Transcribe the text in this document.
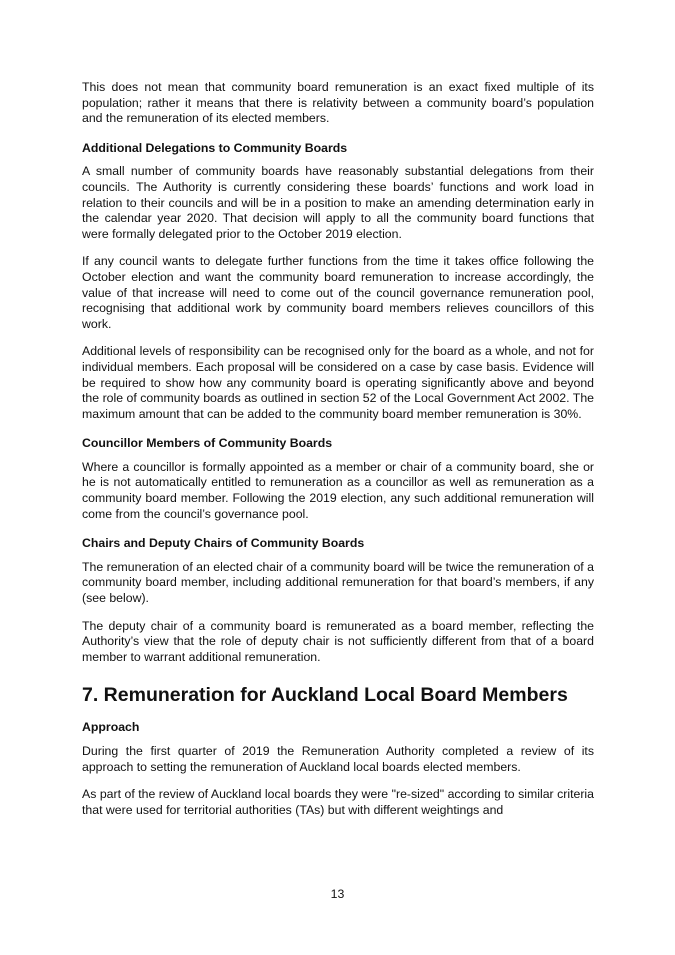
This does not mean that community board remuneration is an exact fixed multiple of its population; rather it means that there is relativity between a community board’s population and the remuneration of its elected members.

Additional Delegations to Community Boards

A small number of community boards have reasonably substantial delegations from their councils. The Authority is currently considering these boards’ functions and work load in relation to their councils and will be in a position to make an amending determination early in the calendar year 2020. That decision will apply to all the community board functions that were formally delegated prior to the October 2019 election.

If any council wants to delegate further functions from the time it takes office following the October election and want the community board remuneration to increase accordingly, the value of that increase will need to come out of the council governance remuneration pool, recognising that additional work by community board members relieves councillors of this work.

Additional levels of responsibility can be recognised only for the board as a whole, and not for individual members. Each proposal will be considered on a case by case basis. Evidence will be required to show how any community board is operating significantly above and beyond the role of community boards as outlined in section 52 of the Local Government Act 2002. The maximum amount that can be added to the community board member remuneration is 30%.

Councillor Members of Community Boards

Where a councillor is formally appointed as a member or chair of a community board, she or he is not automatically entitled to remuneration as a councillor as well as remuneration as a community board member. Following the 2019 election, any such additional remuneration will come from the council’s governance pool.

Chairs and Deputy Chairs of Community Boards

The remuneration of an elected chair of a community board will be twice the remuneration of a community board member, including additional remuneration for that board’s members, if any (see below).

The deputy chair of a community board is remunerated as a board member, reflecting the Authority’s view that the role of deputy chair is not sufficiently different from that of a board member to warrant additional remuneration.

7. Remuneration for Auckland Local Board Members
Approach

During the first quarter of 2019 the Remuneration Authority completed a review of its approach to setting the remuneration of Auckland local boards elected members.

As part of the review of Auckland local boards they were "re-sized" according to similar criteria that were used for territorial authorities (TAs) but with different weightings and

13
